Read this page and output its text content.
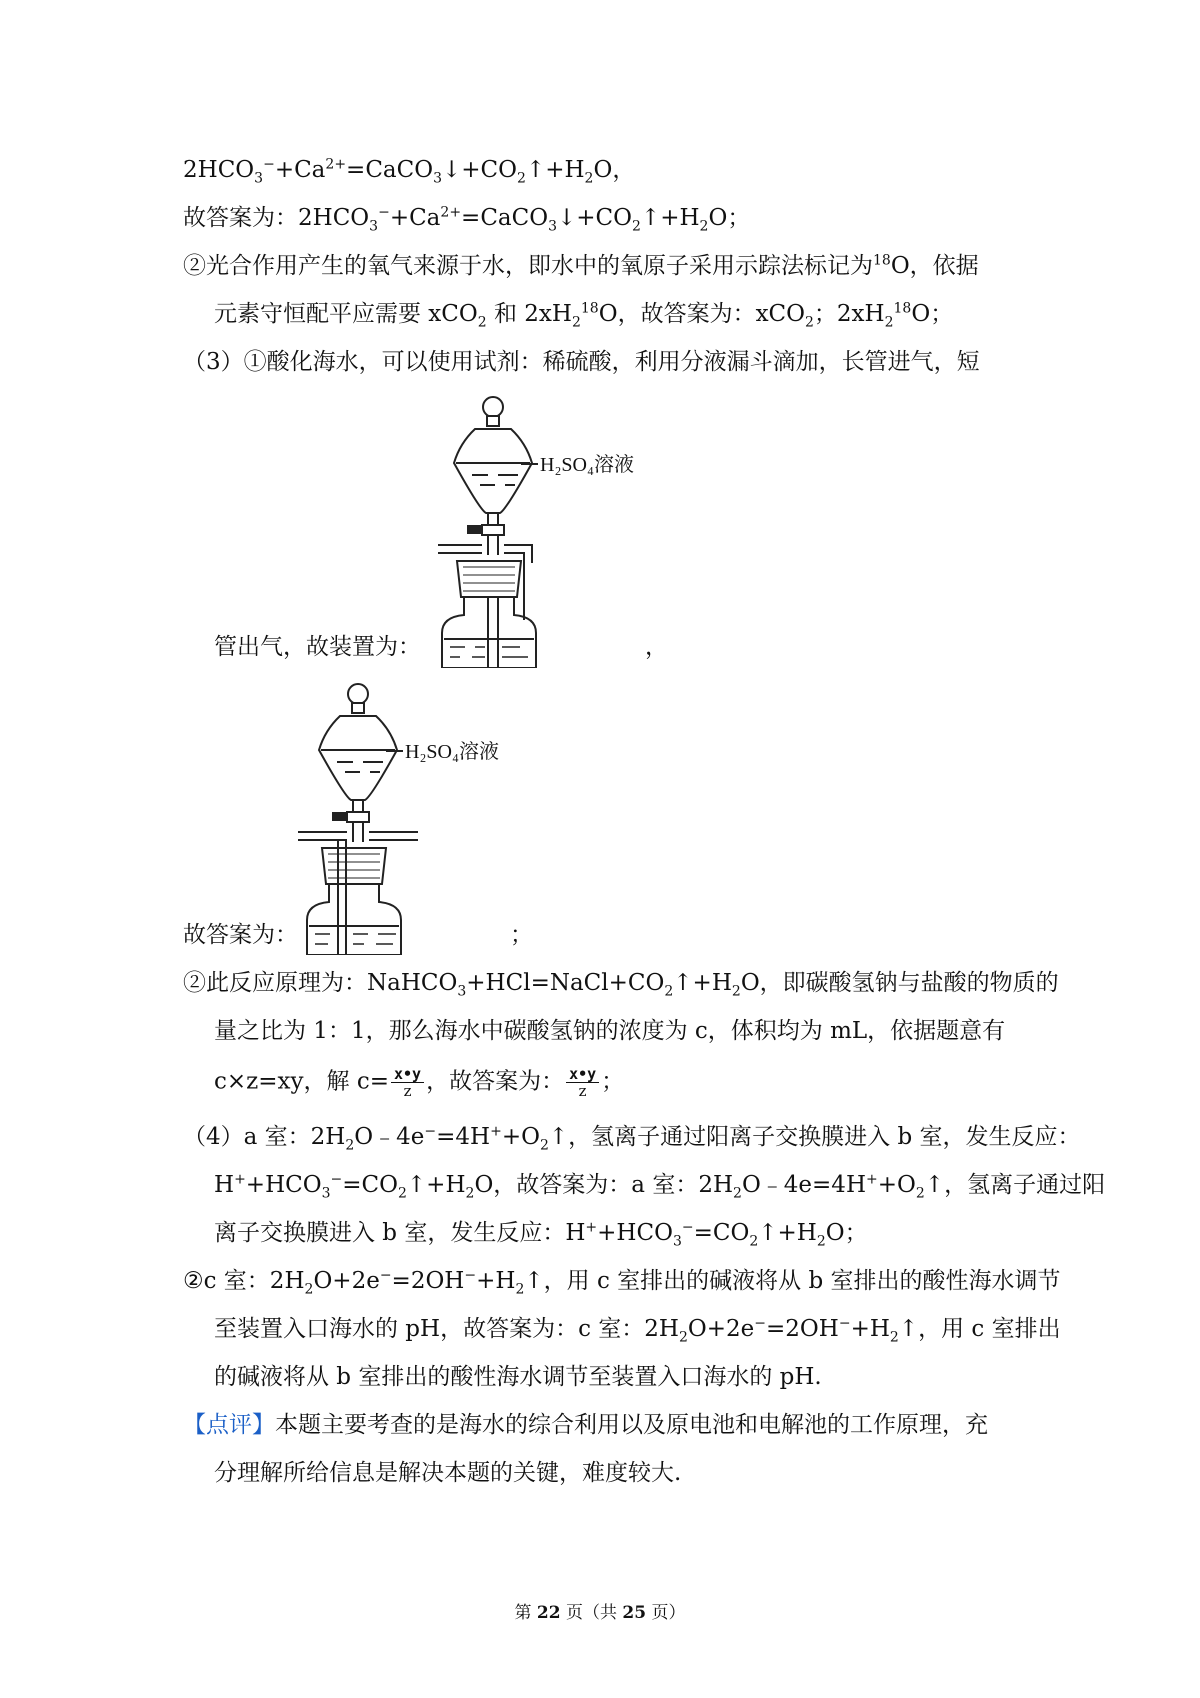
$2HCO_3^-+Ca^{2+}=CaCO_3↓+CO_2↑+H_2O$，
故答案为：$2HCO_3^-+Ca^{2+}=CaCO_3↓+CO_2↑+H_2O$；
②光合作用产生的氧气来源于水，即水中的氧原子采用示踪法标记为$^{18}$O，依据
元素守恒配平应需要 xCO$_2$ 和 $2xH_2^{18}O$，故答案为：xCO$_2$；$2xH_2^{18}O$；
（3）①酸化海水，可以使用试剂：稀硫酸，利用分液漏斗滴加，长管进气，短
H₂SO₄溶液
管出气，故装置为：	，
H₂SO₄溶液
故答案为：	；
②此反应原理为：$NaHCO_3+HCl=NaCl+CO_2↑+H_2O$，即碳酸氢钠与盐酸的物质的
量之比为 1：1，那么海水中碳酸氢钠的浓度为 c，体积均为 mL，依据题意有
c×z=xy，解 $c= \frac{x•y}{z}$ ，故答案为： $\frac{x•y}{z}$ ；
（4）a 室：$2H_2O﹣4e^-=4H^++O_2↑$，氢离子通过阳离子交换膜进入 b 室，发生反应：
$H^++HCO_3^-=CO_2↑+H_2O$，故答案为：a 室：$2H_2O﹣4e=4H^++O_2↑$，氢离子通过阳
离子交换膜进入 b 室，发生反应：$H^++HCO_3^-=CO_2↑+H_2O$；
②c 室：$2H_2O+2e^-=2OH^-+H_2↑$，用 c 室排出的碱液将从 b 室排出的酸性海水调节
至装置入口海水的 pH，故答案为：c 室：$2H_2O+2e^-=2OH^-+H_2↑$，用 c 室排出
的碱液将从 b 室排出的酸性海水调节至装置入口海水的 pH.
【点评】本题主要考查的是海水的综合利用以及原电池和电解池的工作原理，充
分理解所给信息是解决本题的关键，难度较大.
第 22 页（共 25 页）
